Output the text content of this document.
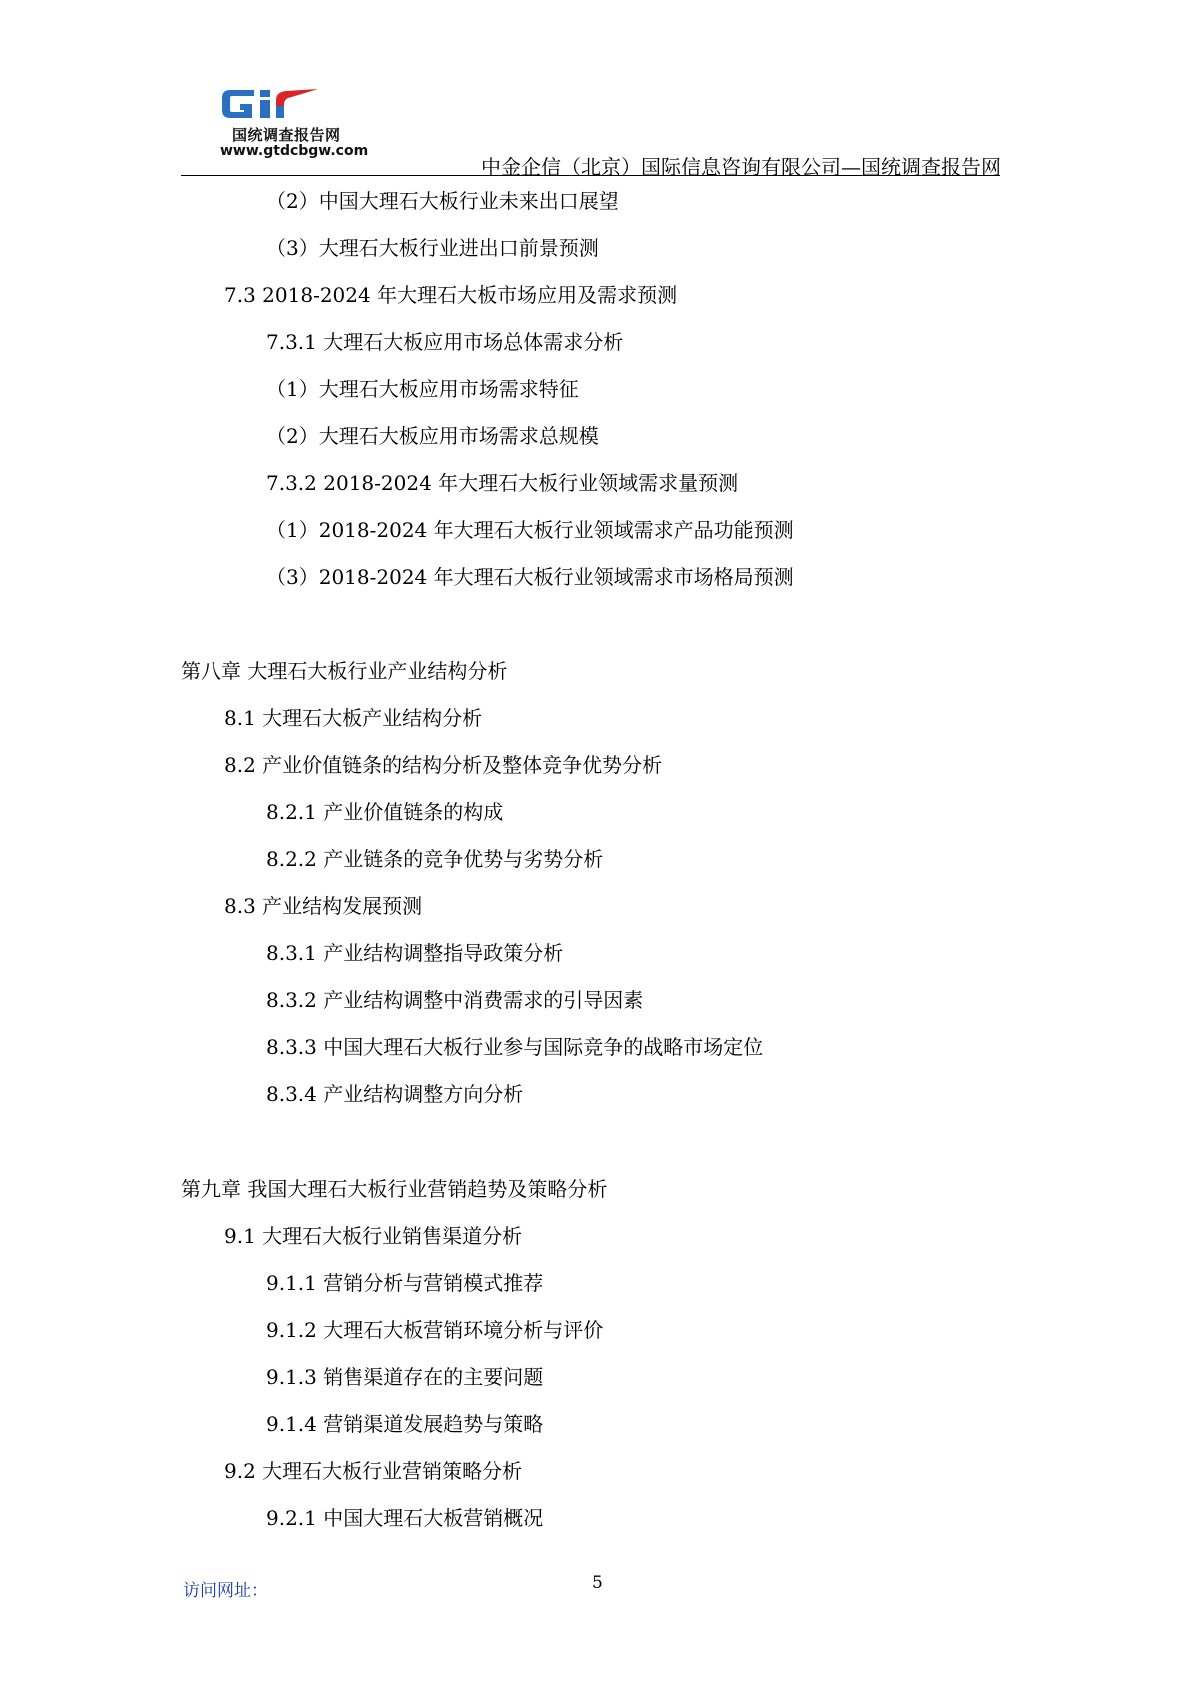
国统调查报告网
www.gtdcbgw.com
中金企信（北京）国际信息咨询有限公司—国统调查报告网
（2）中国大理石大板行业未来出口展望
（3）大理石大板行业进出口前景预测
7.3 2018-2024 年大理石大板市场应用及需求预测
7.3.1 大理石大板应用市场总体需求分析
（1）大理石大板应用市场需求特征
（2）大理石大板应用市场需求总规模
7.3.2 2018-2024 年大理石大板行业领域需求量预测
（1）2018-2024 年大理石大板行业领域需求产品功能预测
（3）2018-2024 年大理石大板行业领域需求市场格局预测
第八章 大理石大板行业产业结构分析
8.1 大理石大板产业结构分析
8.2 产业价值链条的结构分析及整体竞争优势分析
8.2.1 产业价值链条的构成
8.2.2 产业链条的竞争优势与劣势分析
8.3 产业结构发展预测
8.3.1 产业结构调整指导政策分析
8.3.2 产业结构调整中消费需求的引导因素
8.3.3 中国大理石大板行业参与国际竞争的战略市场定位
8.3.4 产业结构调整方向分析
第九章 我国大理石大板行业营销趋势及策略分析
9.1 大理石大板行业销售渠道分析
9.1.1 营销分析与营销模式推荐
9.1.2 大理石大板营销环境分析与评价
9.1.3 销售渠道存在的主要问题
9.1.4 营销渠道发展趋势与策略
9.2 大理石大板行业营销策略分析
9.2.1 中国大理石大板营销概况
访问网址：	5
